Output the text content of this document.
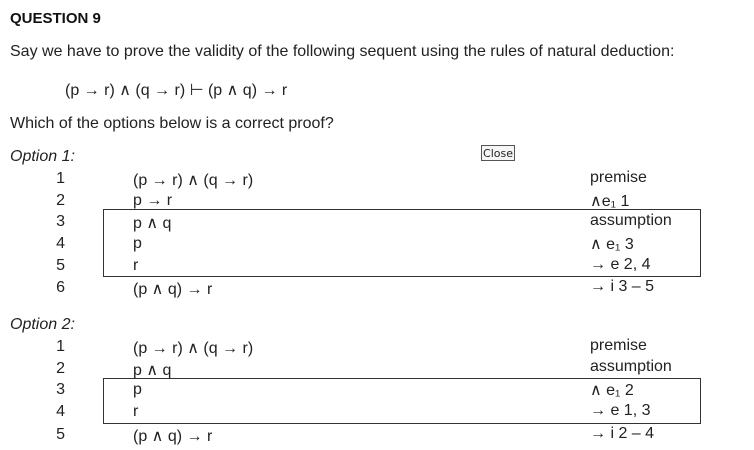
QUESTION 9
Say we have to prove the validity of the following sequent using the rules of natural deduction:
(p → r) ∧ (q → r) ⊢ (p ∧ q) → r
Which of the options below is a correct proof?
Close
Option 1:
1	(p → r) ∧ (q → r)	premise
2	p → r	∧e₁ 1
3	p ∧ q	assumption
4	p	∧ e₁ 3
5	r	→ e 2, 4
6	(p ∧ q) → r	→ i 3 – 5
Option 2:
1	(p → r) ∧ (q → r)	premise
2	p ∧ q	assumption
3	p	∧ e₁ 2
4	r	→ e 1, 3
5	(p ∧ q) → r	→ i 2 – 4
